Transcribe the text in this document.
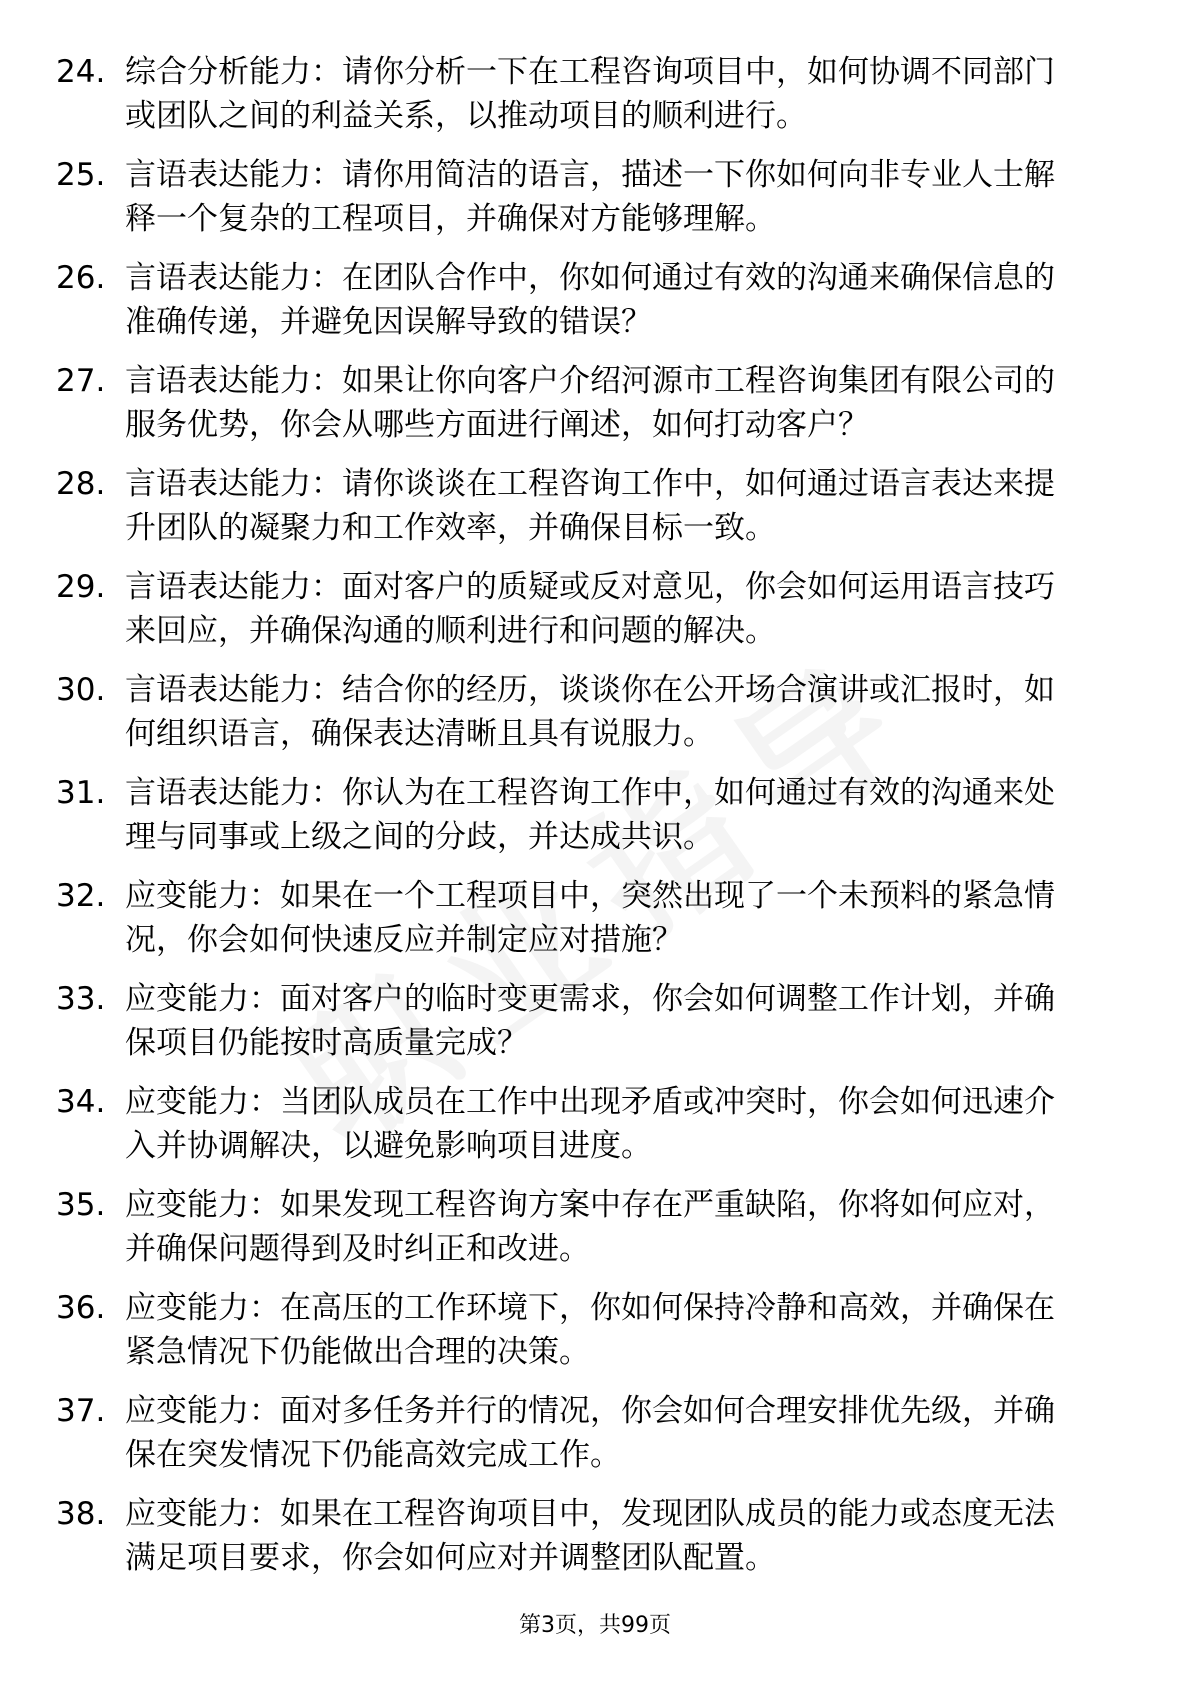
24. 综合分析能力：请你分析一下在工程咨询项目中，如何协调不同部门或团队之间的利益关系，以推动项目的顺利进行。
25. 言语表达能力：请你用简洁的语言，描述一下你如何向非专业人士解释一个复杂的工程项目，并确保对方能够理解。
26. 言语表达能力：在团队合作中，你如何通过有效的沟通来确保信息的准确传递，并避免因误解导致的错误？
27. 言语表达能力：如果让你向客户介绍河源市工程咨询集团有限公司的服务优势，你会从哪些方面进行阐述，如何打动客户？
28. 言语表达能力：请你谈谈在工程咨询工作中，如何通过语言表达来提升团队的凝聚力和工作效率，并确保目标一致。
29. 言语表达能力：面对客户的质疑或反对意见，你会如何运用语言技巧来回应，并确保沟通的顺利进行和问题的解决。
30. 言语表达能力：结合你的经历，谈谈你在公开场合演讲或汇报时，如何组织语言，确保表达清晰且具有说服力。
31. 言语表达能力：你认为在工程咨询工作中，如何通过有效的沟通来处理与同事或上级之间的分歧，并达成共识。
32. 应变能力：如果在一个工程项目中，突然出现了一个未预料的紧急情况，你会如何快速反应并制定应对措施？
33. 应变能力：面对客户的临时变更需求，你会如何调整工作计划，并确保项目仍能按时高质量完成？
34. 应变能力：当团队成员在工作中出现矛盾或冲突时，你会如何迅速介入并协调解决，以避免影响项目进度。
35. 应变能力：如果发现工程咨询方案中存在严重缺陷，你将如何应对，并确保问题得到及时纠正和改进。
36. 应变能力：在高压的工作环境下，你如何保持冷静和高效，并确保在紧急情况下仍能做出合理的决策。
37. 应变能力：面对多任务并行的情况，你会如何合理安排优先级，并确保在突发情况下仍能高效完成工作。
38. 应变能力：如果在工程咨询项目中，发现团队成员的能力或态度无法满足项目要求，你会如何应对并调整团队配置。
第3页，共99页
